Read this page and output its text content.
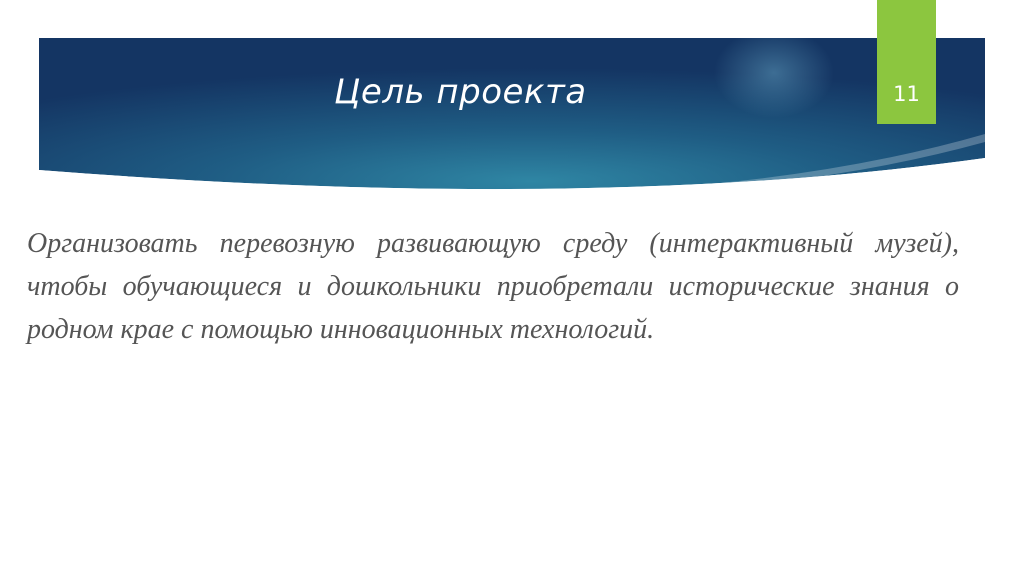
Цель проекта	11

Организовать перевозную развивающую среду (интерактивный музей), чтобы обучающиеся и дошкольники приобретали исторические знания о родном крае с помощью инновационных технологий.
